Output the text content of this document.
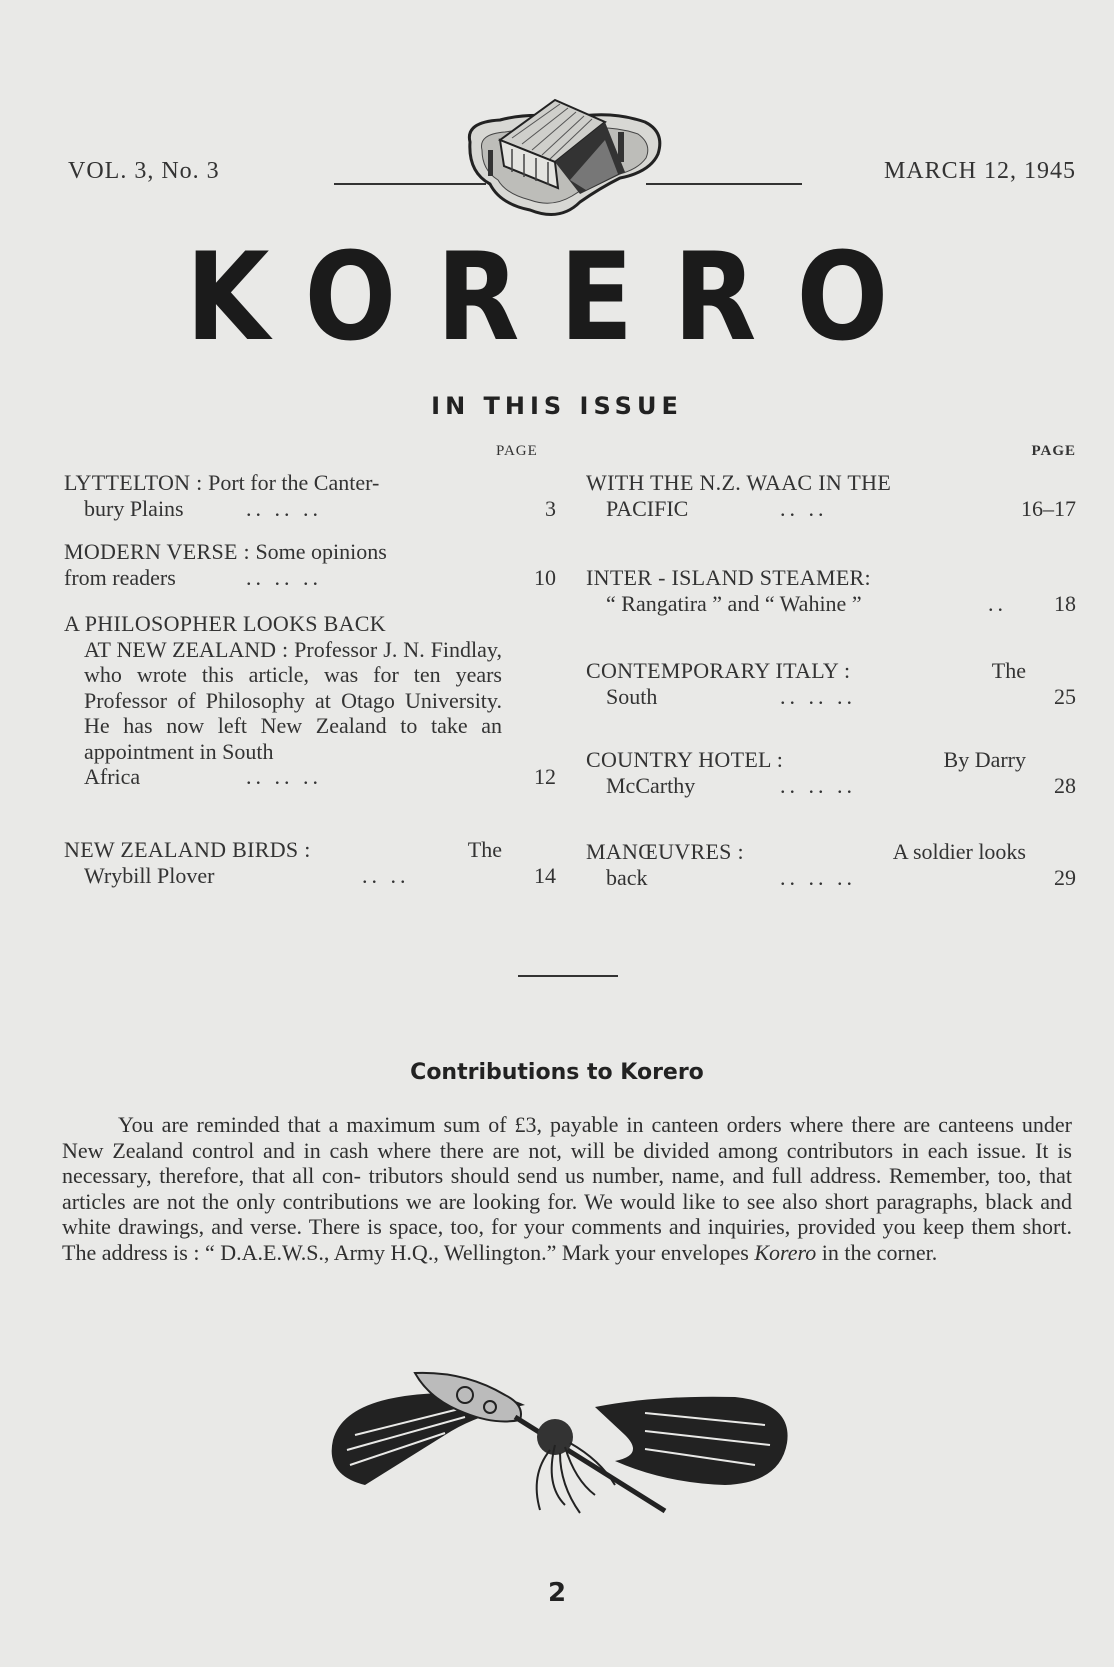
VOL. 3, No. 3	MARCH 12, 1945
KORERO
IN THIS ISSUE
PAGE	PAGE
LYTTELTON : Port for the Canter-
bury Plains	.. .. ..	3
MODERN VERSE : Some opinions
from readers	.. .. ..	10
A PHILOSOPHER LOOKS BACK
AT NEW ZEALAND : Professor J. N. Findlay, who wrote this article, was for ten years Professor of Philosophy at Otago University. He has now left New Zealand to take an appointment in South
Africa	.. .. ..	12
NEW ZEALAND BIRDS :	The
Wrybill Plover	.. ..	14
WITH THE N.Z. WAAC IN THE
PACIFIC	.. ..	16–17
INTER - ISLAND STEAMER:
“ Rangatira ” and “ Wahine ”	.. 18
CONTEMPORARY ITALY :	The
South	.. .. ..	25
COUNTRY HOTEL :	By Darry
McCarthy	.. .. ..	28
MANŒUVRES :	A soldier looks
back	.. .. ..	29
Contributions to Korero

You are reminded that a maximum sum of £3, payable in canteen orders where there are canteens under New Zealand control and in cash where there are not, will be divided among contributors in each issue. It is necessary, therefore, that all con- tributors should send us number, name, and full address. Remember, too, that articles are not the only contributions we are looking for. We would like to see also short paragraphs, black and white drawings, and verse. There is space, too, for your comments and inquiries, provided you keep them short. The address is : “ D.A.E.W.S., Army H.Q., Wellington.” Mark your envelopes Korero in the corner.

2
